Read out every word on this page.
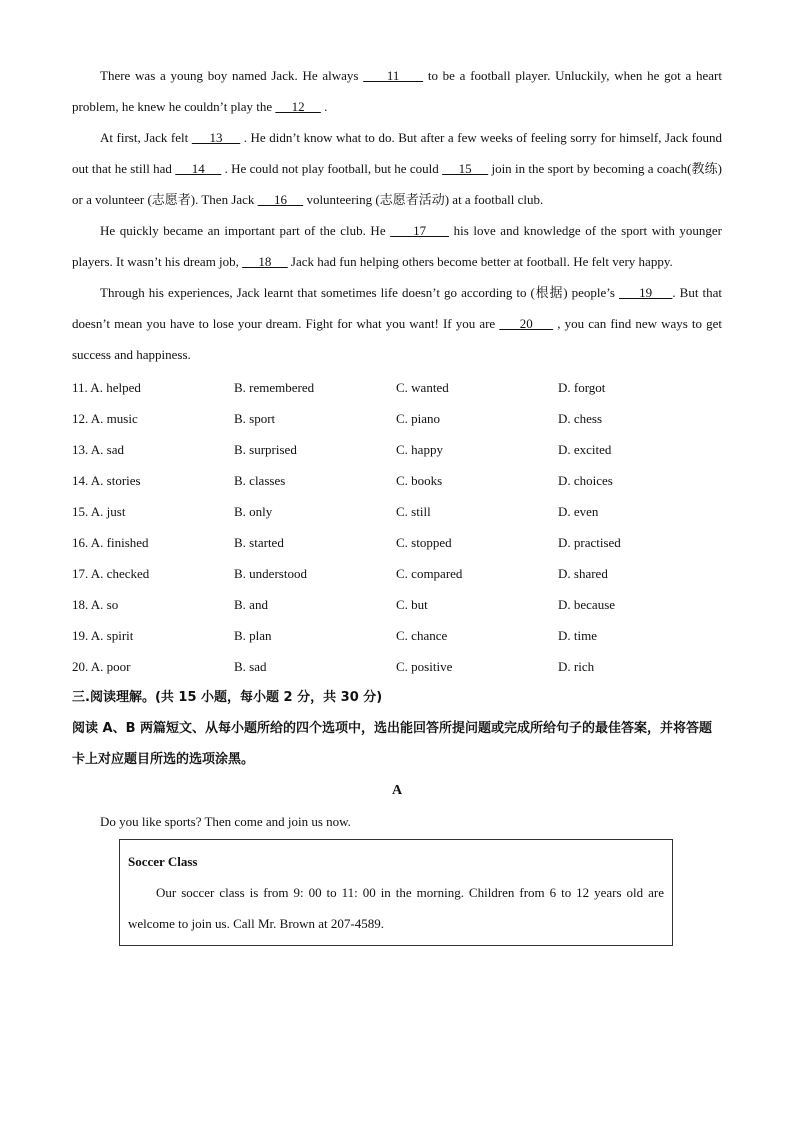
There was a young boy named Jack. He always      11      to be a football player. Unluckily, when he got a heart problem, he knew he couldn’t play the      12      .

At first, Jack felt      13      . He didn’t know what to do. But after a few weeks of feeling sorry for himself, Jack found out that he still had      14      . He could not play football, but he could      15      join in the sport by becoming a coach(教练) or a volunteer (志愿者). Then Jack      16      volunteering (志愿者活动) at a football club.

He quickly became an important part of the club. He      17      his love and knowledge of the sport with younger players. It wasn’t his dream job,      18      Jack had fun helping others become better at football. He felt very happy.

Through his experiences, Jack learnt that sometimes life doesn’t go according to (根据) people’s      19     . But that doesn’t mean you have to lose your dream. Fight for what you want! If you are      20      , you can find new ways to get success and happiness.

11. A. helped	B. remembered	C. wanted	D. forgot
12. A. music	B. sport	C. piano	D. chess
13. A. sad	B. surprised	C. happy	D. excited
14. A. stories	B. classes	C. books	D. choices
15. A. just	B. only	C. still	D. even
16. A. finished	B. started	C. stopped	D. practised
17. A. checked	B. understood	C. compared	D. shared
18. A. so	B. and	C. but	D. because
19. A. spirit	B. plan	C. chance	D. time
20. A. poor	B. sad	C. positive	D. rich

三.阅读理解。(共 15 小题，每小题 2 分，共 30 分)

阅读 A、B 两篇短文、从每小题所给的四个选项中，选出能回答所提问题或完成所给句子的最佳答案，并将答题卡上对应题目所选的选项涂黑。

A

Do you like sports? Then come and join us now.

Soccer Class

Our soccer class is from 9: 00 to 11: 00 in the morning. Children from 6 to 12 years old are welcome to join us. Call Mr. Brown at 207-4589.
